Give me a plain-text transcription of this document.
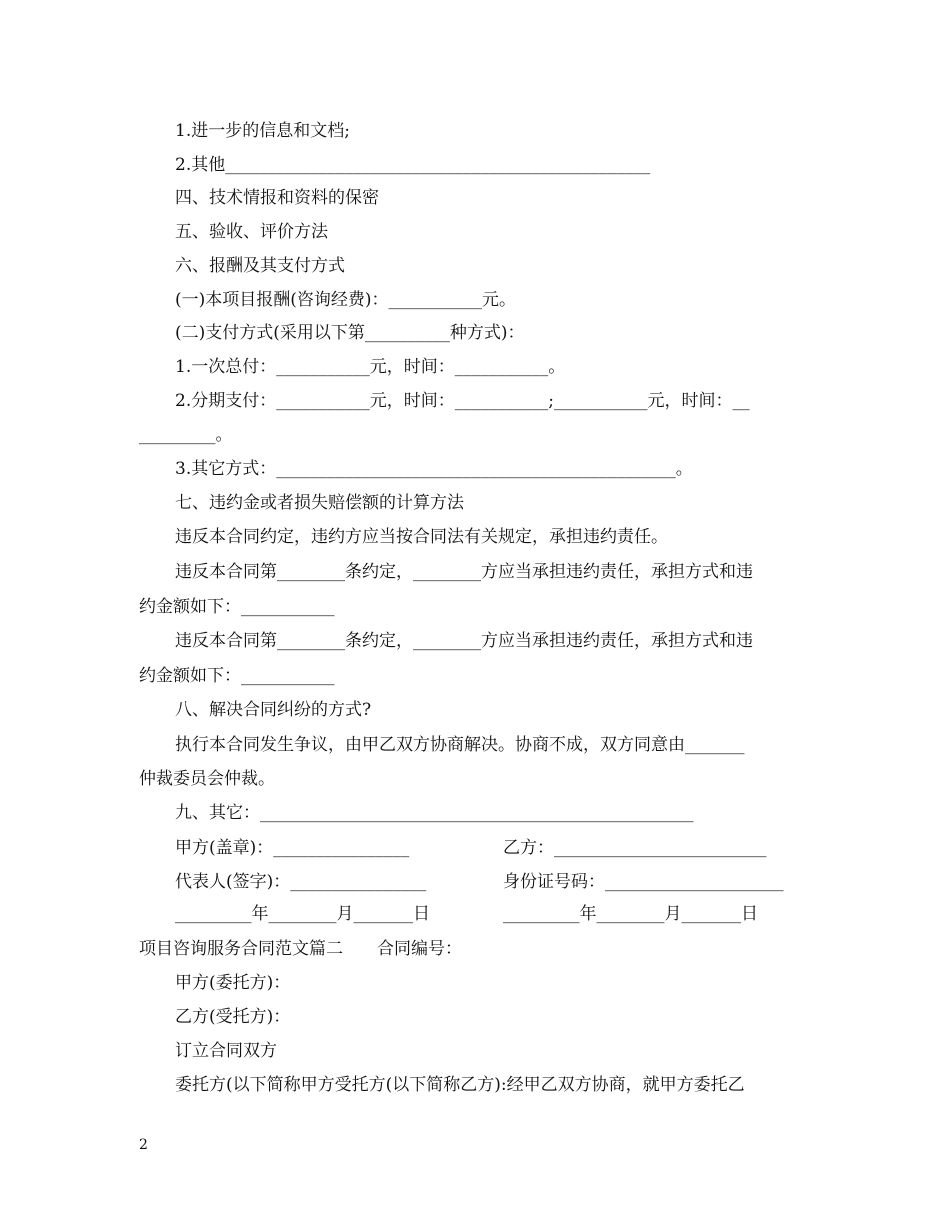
1.进一步的信息和文档;
2.其他__________________________________________________
四、技术情报和资料的保密
五、验收、评价方法
六、报酬及其支付方式
(一)本项目报酬(咨询经费)：___________元。
(二)支付方式(采用以下第__________种方式)：
1.一次总付：___________元，时间：___________。
2.分期支付：___________元，时间：___________;___________元，时间：__
_________。
3.其它方式：_______________________________________________。
七、违约金或者损失赔偿额的计算方法
违反本合同约定，违约方应当按合同法有关规定，承担违约责任。
违反本合同第________条约定，________方应当承担违约责任，承担方式和违
约金额如下：___________
违反本合同第________条约定，________方应当承担违约责任，承担方式和违
约金额如下：___________
八、解决合同纠纷的方式?
执行本合同发生争议，由甲乙双方协商解决。协商不成，双方同意由_______
仲裁委员会仲裁。
九、其它：___________________________________________________
甲方(盖章)：________________	乙方：_________________________
代表人(签字)：________________	身份证号码：_____________________
_________年________月_______日	_________年________月_______日
项目咨询服务合同范文篇二　　合同编号：
甲方(委托方)：
乙方(受托方)：
订立合同双方
委托方(以下简称甲方受托方(以下简称乙方):经甲乙双方协商，就甲方委托乙
2
